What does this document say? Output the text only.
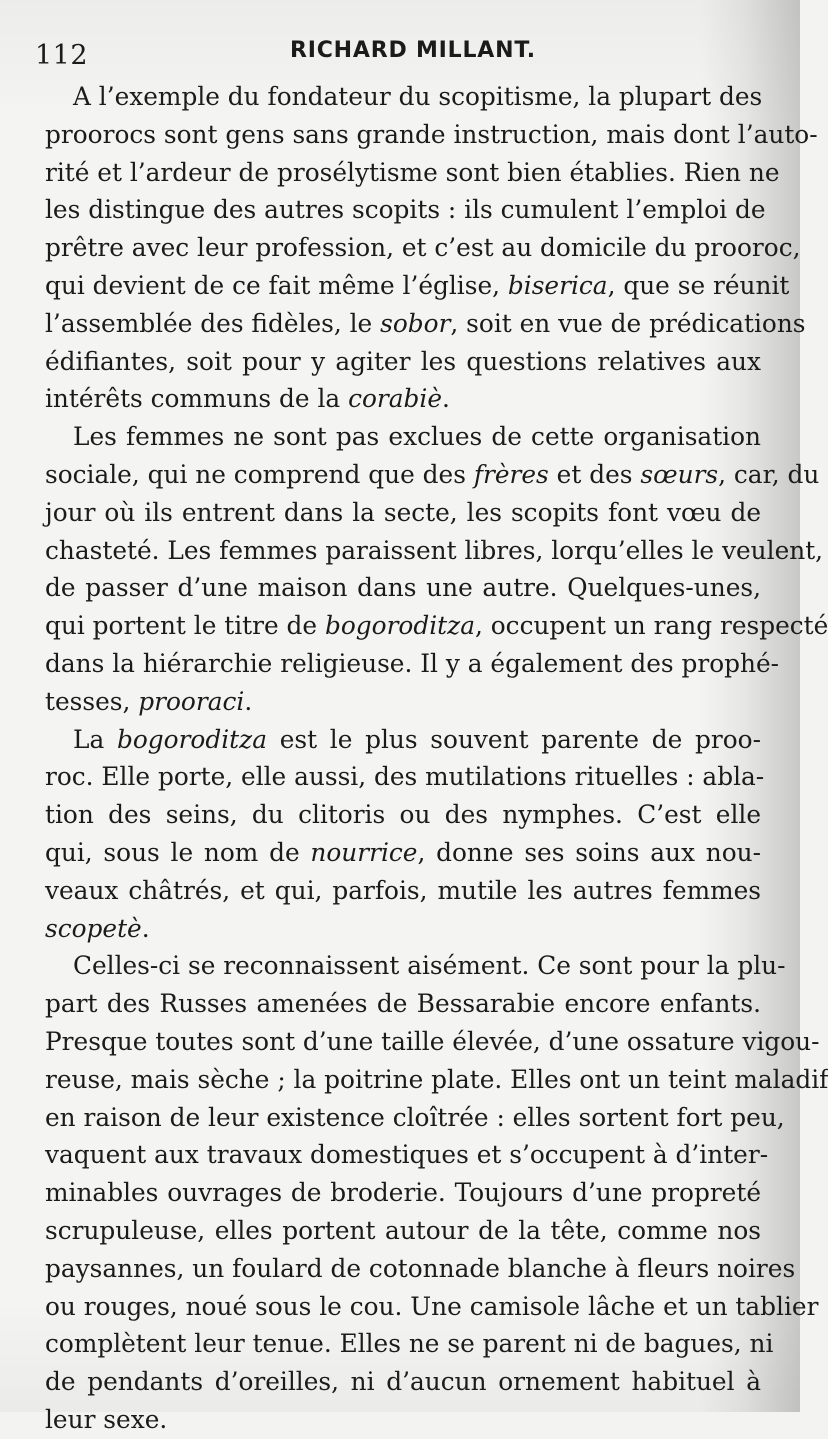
112	RICHARD MILLANT.
A l’exemple du fondateur du scopitisme, la plupart des
proorocs sont gens sans grande instruction, mais dont l’auto-
rité et l’ardeur de prosélytisme sont bien établies. Rien ne
les distingue des autres scopits : ils cumulent l’emploi de
prêtre avec leur profession, et c’est au domicile du prooroc,
qui devient de ce fait même l’église, biserica, que se réunit
l’assemblée des fidèles, le sobor, soit en vue de prédications
édifiantes, soit pour y agiter les questions relatives aux
intérêts communs de la corabiè.
Les femmes ne sont pas exclues de cette organisation
sociale, qui ne comprend que des frères et des sœurs, car, du
jour où ils entrent dans la secte, les scopits font vœu de
chasteté. Les femmes paraissent libres, lorqu’elles le veulent,
de passer d’une maison dans une autre. Quelques-unes,
qui portent le titre de bogoroditza, occupent un rang respecté
dans la hiérarchie religieuse. Il y a également des prophé-
tesses, prooraci.
La bogoroditza est le plus souvent parente de proo-
roc. Elle porte, elle aussi, des mutilations rituelles : abla-
tion des seins, du clitoris ou des nymphes. C’est elle
qui, sous le nom de nourrice, donne ses soins aux nou-
veaux châtrés, et qui, parfois, mutile les autres femmes
scopetè.
Celles-ci se reconnaissent aisément. Ce sont pour la plu-
part des Russes amenées de Bessarabie encore enfants.
Presque toutes sont d’une taille élevée, d’une ossature vigou-
reuse, mais sèche ; la poitrine plate. Elles ont un teint maladif
en raison de leur existence cloîtrée : elles sortent fort peu,
vaquent aux travaux domestiques et s’occupent à d’inter-
minables ouvrages de broderie. Toujours d’une propreté
scrupuleuse, elles portent autour de la tête, comme nos
paysannes, un foulard de cotonnade blanche à fleurs noires
ou rouges, noué sous le cou. Une camisole lâche et un tablier
complètent leur tenue. Elles ne se parent ni de bagues, ni
de pendants d’oreilles, ni d’aucun ornement habituel à
leur sexe.
